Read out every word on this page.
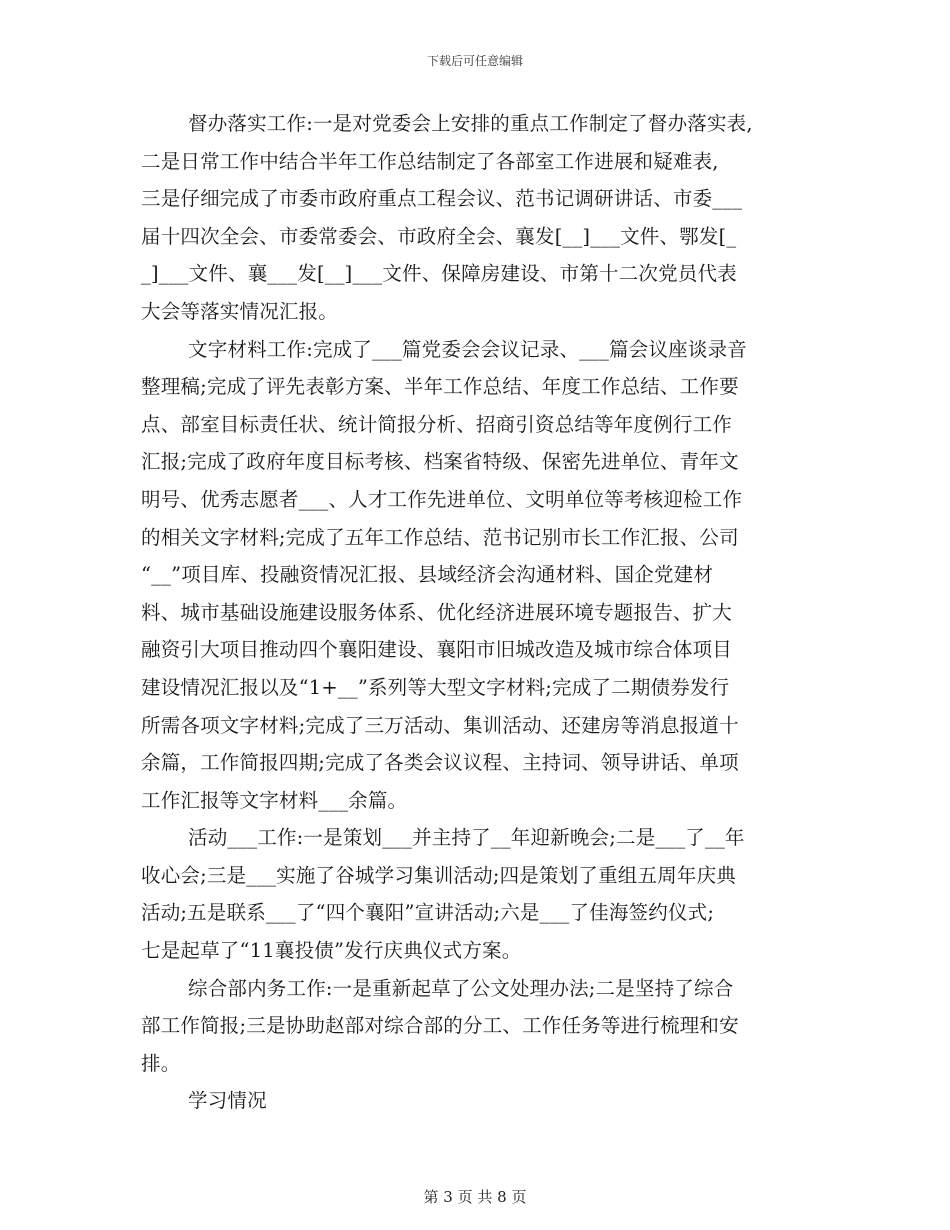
下载后可任意编辑

督办落实工作:一是对党委会上安排的重点工作制定了督办落实表,
二是日常工作中结合半年工作总结制定了各部室工作进展和疑难表,
三是仔细完成了市委市政府重点工程会议、范书记调研讲话、市委___
届十四次全会、市委常委会、市政府全会、襄发[__]___文件、鄂发[_
_]___文件、襄___发[__]___文件、保障房建设、市第十二次党员代表
大会等落实情况汇报。

文字材料工作:完成了___篇党委会会议记录、___篇会议座谈录音
整理稿;完成了评先表彰方案、半年工作总结、年度工作总结、工作要
点、部室目标责任状、统计简报分析、招商引资总结等年度例行工作
汇报;完成了政府年度目标考核、档案省特级、保密先进单位、青年文
明号、优秀志愿者___、人才工作先进单位、文明单位等考核迎检工作
的相关文字材料;完成了五年工作总结、范书记别市长工作汇报、公司
“__”项目库、投融资情况汇报、县域经济会沟通材料、国企党建材
料、城市基础设施建设服务体系、优化经济进展环境专题报告、扩大
融资引大项目推动四个襄阳建设、襄阳市旧城改造及城市综合体项目
建设情况汇报以及“1+__”系列等大型文字材料;完成了二期债券发行
所需各项文字材料;完成了三万活动、集训活动、还建房等消息报道十
余篇，工作简报四期;完成了各类会议议程、主持词、领导讲话、单项
工作汇报等文字材料___余篇。

活动___工作:一是策划___并主持了__年迎新晚会;二是___了__年
收心会;三是___实施了谷城学习集训活动;四是策划了重组五周年庆典
活动;五是联系___了“四个襄阳”宣讲活动;六是___了佳海签约仪式;
七是起草了“11襄投债”发行庆典仪式方案。

综合部内务工作:一是重新起草了公文处理办法;二是坚持了综合
部工作简报;三是协助赵部对综合部的分工、工作任务等进行梳理和安
排。

学习情况

第 3 页 共 8 页
